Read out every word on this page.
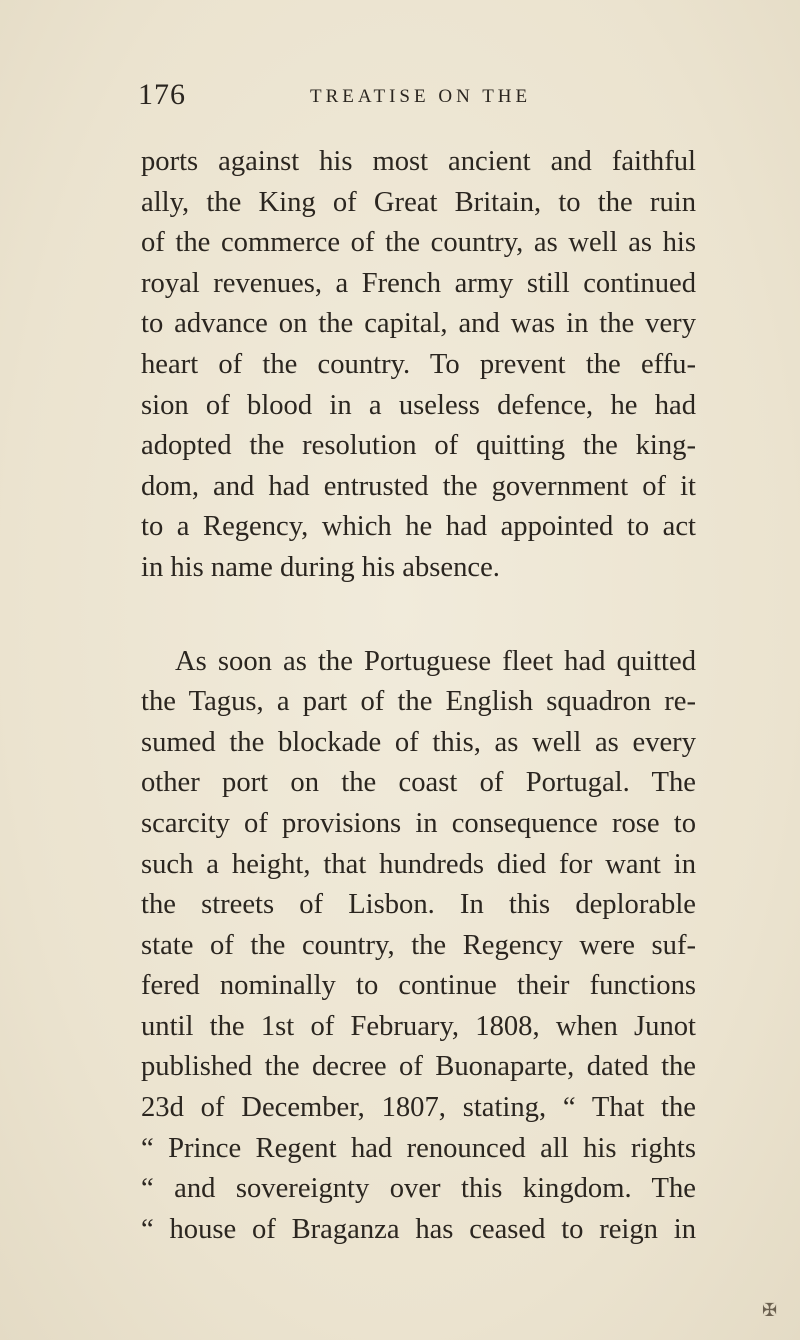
176	TREATISE ON THE
ports against his most ancient and faithful
ally, the King of Great Britain, to the ruin
of the commerce of the country, as well as his
royal revenues, a French army still continued
to advance on the capital, and was in the very
heart of the country. To prevent the effu-
sion of blood in a useless defence, he had
adopted the resolution of quitting the king-
dom, and had entrusted the government of it
to a Regency, which he had appointed to act
in his name during his absence.
As soon as the Portuguese fleet had quitted
the Tagus, a part of the English squadron re-
sumed the blockade of this, as well as every
other port on the coast of Portugal. The
scarcity of provisions in consequence rose to
such a height, that hundreds died for want in
the streets of Lisbon. In this deplorable
state of the country, the Regency were suf-
fered nominally to continue their functions
until the 1st of February, 1808, when Junot
published the decree of Buonaparte, dated the
23d of December, 1807, stating, “ That the
“ Prince Regent had renounced all his rights
“ and sovereignty over this kingdom. The
“ house of Braganza has ceased to reign in
✠
